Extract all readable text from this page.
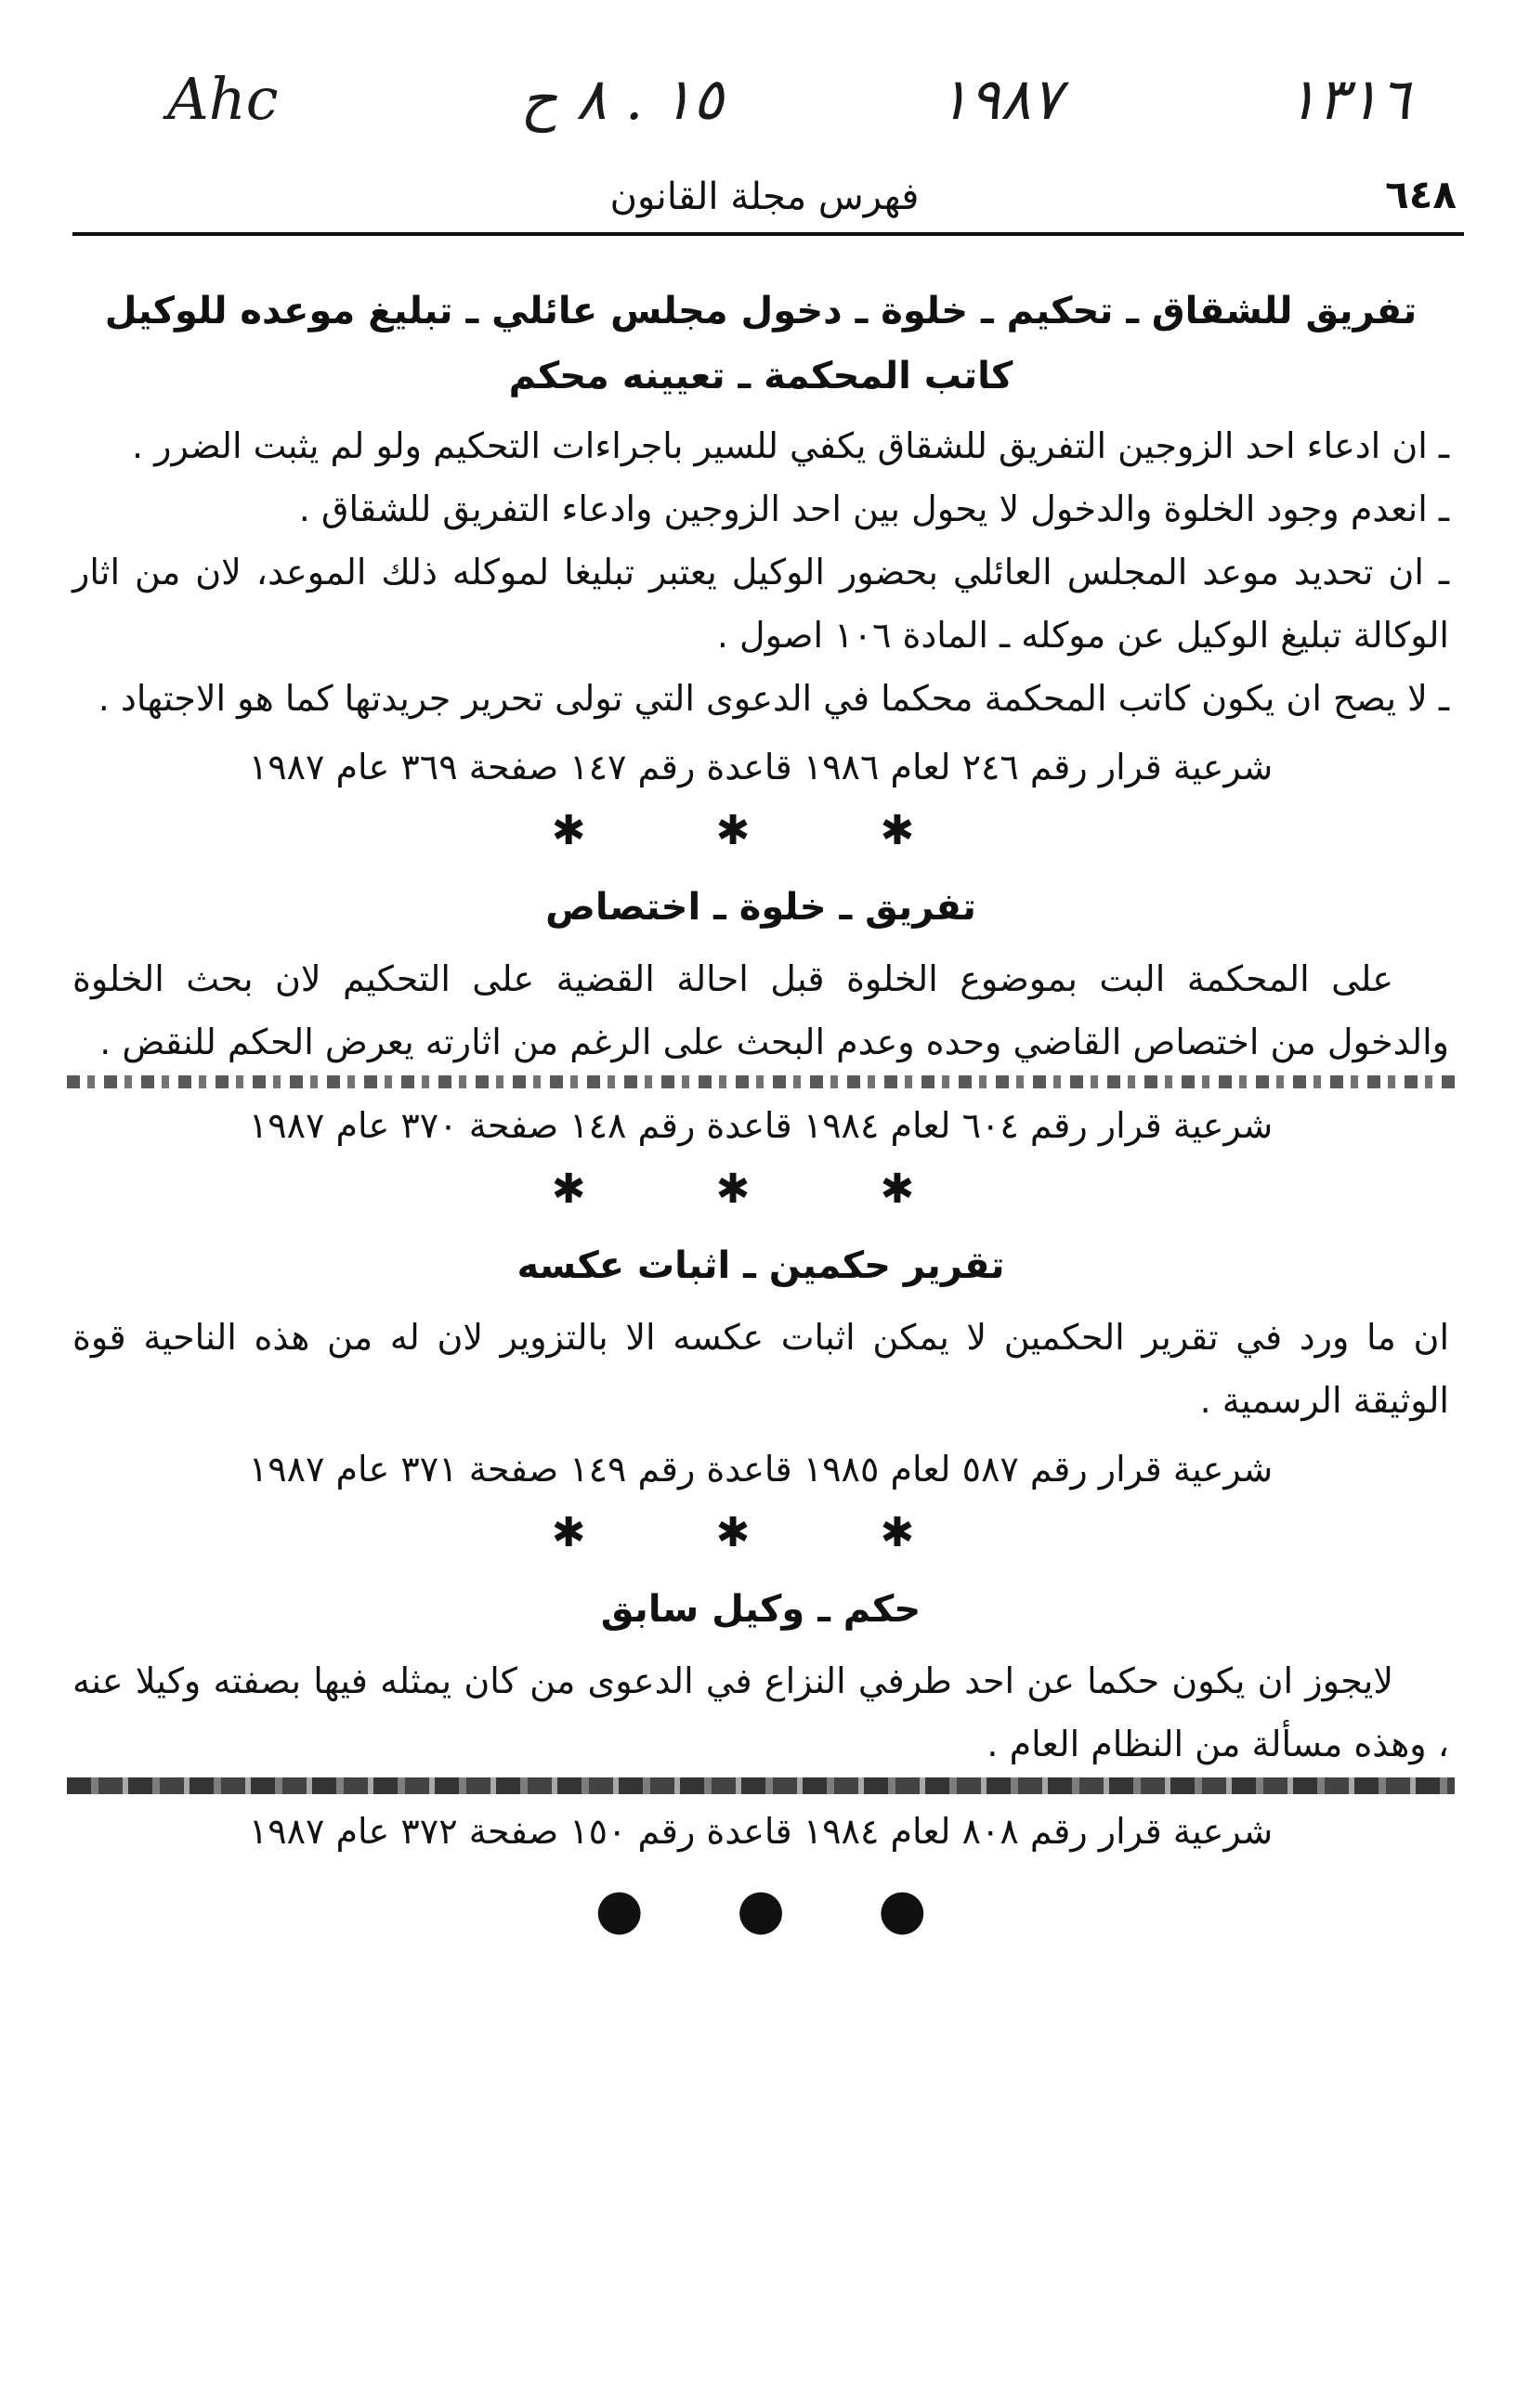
Ahc	١٥ . ٨ ح	١٩٨٧	١٣١٦
٦٤٨
فهرس مجلة القانون

تفريق للشقاق ـ تحكيم ـ خلوة ـ دخول مجلس عائلي ـ تبليغ موعده للوكيل

كاتب المحكمة ـ تعيينه محكم

ـ ان ادعاء احد الزوجين التفريق للشقاق يكفي للسير باجراءات التحكيم ولو لم يثبت الضرر .

ـ انعدم وجود الخلوة والدخول لا يحول بين احد الزوجين وادعاء التفريق للشقاق .

ـ ان تحديد موعد المجلس العائلي بحضور الوكيل يعتبر تبليغا لموكله ذلك الموعد، لان من اثار الوكالة تبليغ الوكيل عن موكله ـ المادة ١٠٦ اصول .

ـ لا يصح ان يكون كاتب المحكمة محكما في الدعوى التي تولى تحرير جريدتها كما هو الاجتهاد .

شرعية قرار رقم ٢٤٦ لعام ١٩٨٦ قاعدة رقم ١٤٧ صفحة ٣٦٩ عام ١٩٨٧

✱✱✱

تفريق ـ خلوة ـ اختصاص

على المحكمة البت بموضوع الخلوة قبل احالة القضية على التحكيم لان بحث الخلوة والدخول من اختصاص القاضي وحده وعدم البحث على الرغم من اثارته يعرض الحكم للنقض .

شرعية قرار رقم ٦٠٤ لعام ١٩٨٤ قاعدة رقم ١٤٨ صفحة ٣٧٠ عام ١٩٨٧

✱✱✱

تقرير حكمين ـ اثبات عكسه

ان ما ورد في تقرير الحكمين لا يمكن اثبات عكسه الا بالتزوير لان له من هذه الناحية قوة الوثيقة الرسمية .

شرعية قرار رقم ٥٨٧ لعام ١٩٨٥ قاعدة رقم ١٤٩ صفحة ٣٧١ عام ١٩٨٧

✱✱✱

حكم ـ وكيل سابق

لايجوز ان يكون حكما عن احد طرفي النزاع في الدعوى من كان يمثله فيها بصفته وكيلا عنه ، وهذه مسألة من النظام العام .

شرعية قرار رقم ٨٠٨ لعام ١٩٨٤ قاعدة رقم ١٥٠ صفحة ٣٧٢ عام ١٩٨٧

●●●
